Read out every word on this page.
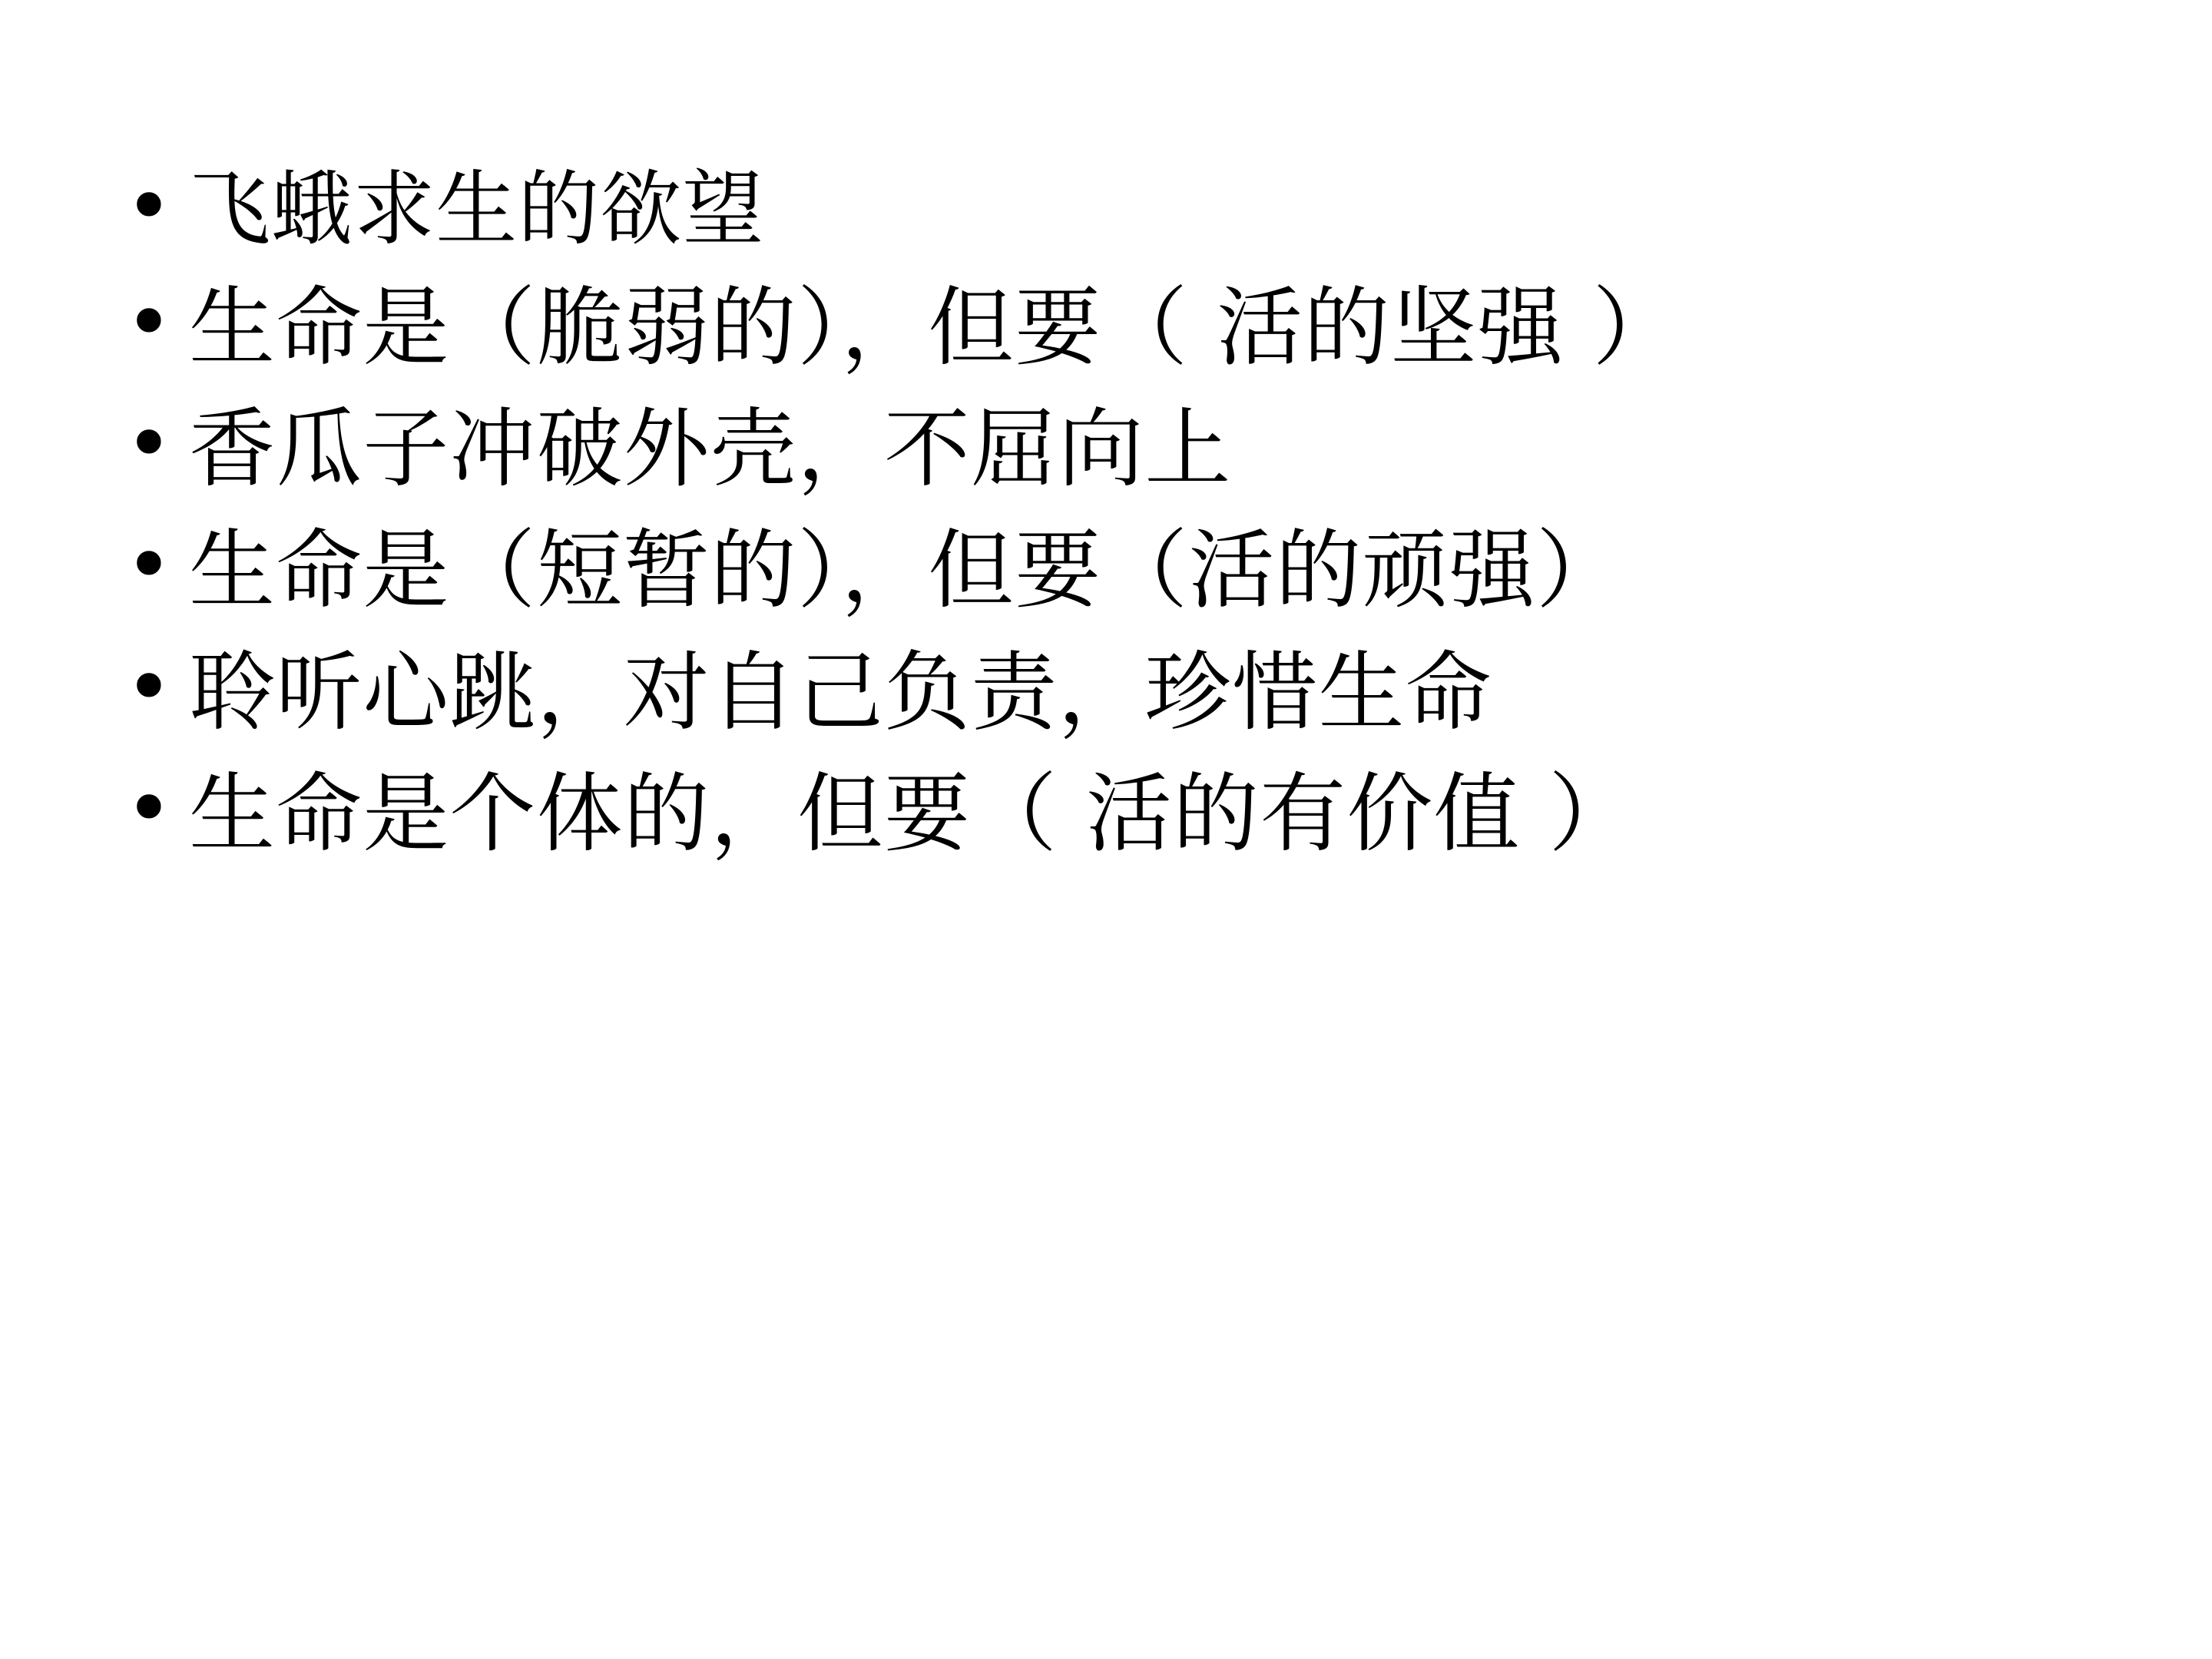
• 飞蛾求生的欲望
• 生命是（脆弱的），但要（ 活的坚强 ）
• 香瓜子冲破外壳，不屈向上
• 生命是（短暂的），但要（活的顽强）
• 聆听心跳，对自己负责，珍惜生命
• 生命是个体的，但要（ 活的有价值 ）
